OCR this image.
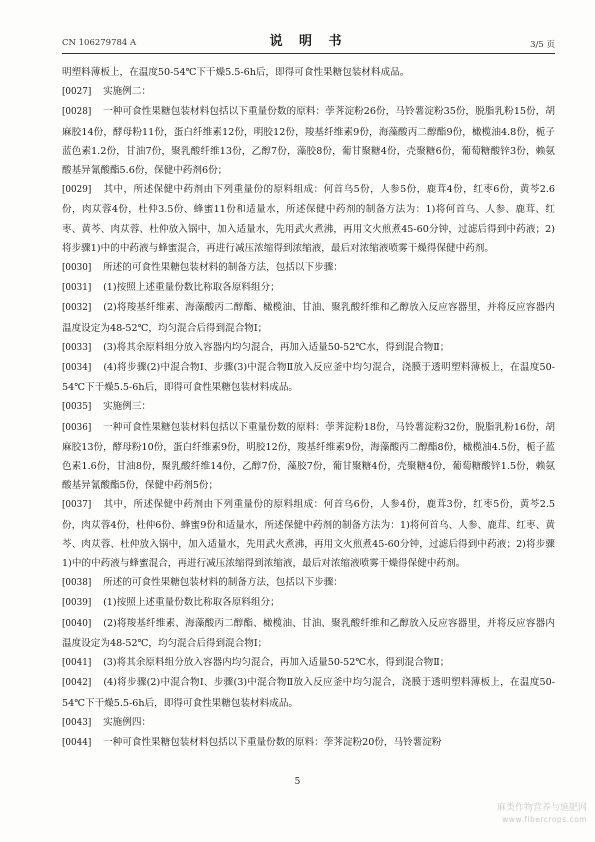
CN 106279784 A	说 明 书	3/5 页
明塑料薄板上，在温度50-54℃下干燥5.5-6h后，即得可食性果糖包装材料成品。
[0027] 实施例二：
[0028] 一种可食性果糖包装材料包括以下重量份数的原料：荸荠淀粉26份，马铃薯淀粉35份，脱脂乳粉15份，胡麻胶14份，酵母粉11份，蛋白纤维素12份，明胶12份，羧基纤维素9份，海藻酸丙二醇酯9份，橄榄油4.8份，栀子蓝色素1.2份，甘油7份，聚乳酸纤维13份，乙醇7份，藻胶8份，葡甘聚糖4份，壳聚糖6份，葡萄糖酸锌3份，赖氨酸基异氰酸酯5.6份，保健中药剂6份；
[0029] 其中，所述保健中药剂由下列重量份的原料组成：何首乌5份，人参5份，鹿茸4份，红枣6份，黄芩2.6份，肉苁蓉4份，杜仲3.5份、蜂蜜11份和适量水，所述保健中药剂的制备方法为：1)将何首乌、人参、鹿茸、红枣、黄芩、肉苁蓉、杜仲放入锅中，加入适量水，先用武火煮沸，再用文火煎煮45-60分钟，过滤后得到中药液；2)将步骤1)中的中药液与蜂蜜混合，再进行减压浓缩得到浓缩液，最后对浓缩液喷雾干燥得保健中药剂。
[0030] 所述的可食性果糖包装材料的制备方法，包括以下步骤：
[0031] (1)按照上述重量份数比称取各原料组分；
[0032] (2)将羧基纤维素、海藻酸丙二醇酯、橄榄油、甘油、聚乳酸纤维和乙醇放入反应容器里，并将反应容器内温度设定为48-52℃，均匀混合后得到混合物Ⅰ；
[0033] (3)将其余原料组分放入容器内均匀混合，再加入适量50-52℃水，得到混合物Ⅱ；
[0034] (4)将步骤(2)中混合物Ⅰ、步骤(3)中混合物Ⅱ放入反应釜中均匀混合，浇膜于透明塑料薄板上，在温度50-54℃下干燥5.5-6h后，即得可食性果糖包装材料成品。
[0035] 实施例三：
[0036] 一种可食性果糖包装材料包括以下重量份数的原料：荸荠淀粉18份，马铃薯淀粉32份，脱脂乳粉16份，胡麻胶13份，酵母粉10份，蛋白纤维素9份，明胶12份，羧基纤维素9份，海藻酸丙二醇酯8份，橄榄油4.5份，栀子蓝色素1.6份，甘油8份，聚乳酸纤维14份，乙醇7份，藻胶7份，葡甘聚糖4份，壳聚糖4份，葡萄糖酸锌1.5份，赖氨酸基异氰酸酯5份，保健中药剂5份；
[0037] 其中，所述保健中药剂由下列重量份的原料组成：何首乌6份，人参4份，鹿茸3份，红枣5份，黄芩2.5份，肉苁蓉4份，杜仲6份、蜂蜜9份和适量水，所述保健中药剂的制备方法为：1)将何首乌、人参、鹿茸、红枣、黄芩、肉苁蓉、杜仲放入锅中，加入适量水，先用武火煮沸，再用文火煎煮45-60分钟，过滤后得到中药液；2)将步骤1)中的中药液与蜂蜜混合，再进行减压浓缩得到浓缩液，最后对浓缩液喷雾干燥得保健中药剂。
[0038] 所述的可食性果糖包装材料的制备方法，包括以下步骤：
[0039] (1)按照上述重量份数比称取各原料组分；
[0040] (2)将羧基纤维素、海藻酸丙二醇酯、橄榄油、甘油、聚乳酸纤维和乙醇放入反应容器里，并将反应容器内温度设定为48-52℃，均匀混合后得到混合物Ⅰ；
[0041] (3)将其余原料组分放入容器内均匀混合，再加入适量50-52℃水，得到混合物Ⅱ；
[0042] (4)将步骤(2)中混合物Ⅰ、步骤(3)中混合物Ⅱ放入反应釜中均匀混合，浇膜于透明塑料薄板上，在温度50-54℃下干燥5.5-6h后，即得可食性果糖包装材料成品。
[0043] 实施例四：
[0044] 一种可食性果糖包装材料包括以下重量份数的原料：荸荠淀粉20份，马铃薯淀粉
5
麻类作物营养与施肥网
www.fibercrops.com
